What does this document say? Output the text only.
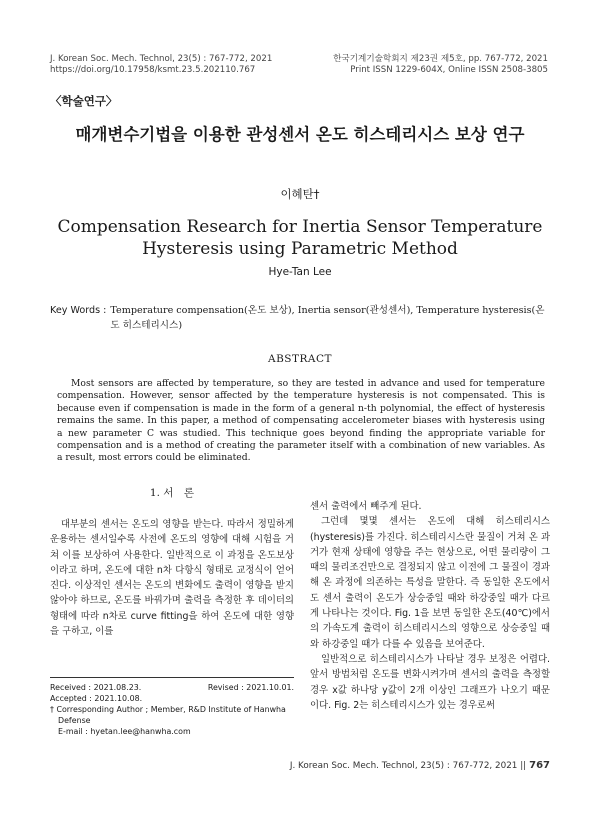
J. Korean Soc. Mech. Technol, 23(5) : 767-772, 2021
https://doi.org/10.17958/ksmt.23.5.202110.767
한국기계기술학회지 제23권 제5호, pp. 767-772, 2021
Print ISSN 1229-604X, Online ISSN 2508-3805
〈학술연구〉
매개변수기법을 이용한 관성센서 온도 히스테리시스 보상 연구
이혜탄†
Compensation Research for Inertia Sensor Temperature
Hysteresis using Parametric Method
Hye-Tan Lee
Key Words : Temperature compensation(온도 보상), Inertia sensor(관성센서), Temperature hysteresis(온도 히스테리시스)
ABSTRACT
Most sensors are affected by temperature, so they are tested in advance and used for temperature compensation. However, sensor affected by the temperature hysteresis is not compensated. This is because even if compensation is made in the form of a general n-th polynomial, the effect of hysteresis remains the same. In this paper, a method of compensating accelerometer biases with hysteresis using a new parameter C was studied. This technique goes beyond finding the appropriate variable for compensation and is a method of creating the parameter itself with a combination of new variables. As a result, most errors could be eliminated.
1. 서　론

대부분의 센서는 온도의 영향을 받는다. 따라서 정밀하게 운용하는 센서일수록 사전에 온도의 영향에 대해 시험을 거쳐 이를 보상하여 사용한다. 일반적으로 이 과정을 온도보상이라고 하며, 온도에 대한 n차 다항식 형태로 교정식이 얻어진다. 이상적인 센서는 온도의 변화에도 출력이 영향을 받지 않아야 하므로, 온도를 바꿔가며 출력을 측정한 후 데이터의 형태에 따라 n차로 curve fitting을 하여 온도에 대한 영향을 구하고, 이를

Received : 2021.08.23.	Revised : 2021.10.01.
Accepted : 2021.10.08.
† Corresponding Author ; Member, R&D Institute of Hanwha Defense
E-mail : hyetan.lee@hanwha.com
센서 출력에서 빼주게 된다.

그런데 몇몇 센서는 온도에 대해 히스테리시스(hysteresis)를 가진다. 히스테리시스란 물질이 거쳐 온 과거가 현재 상태에 영향을 주는 현상으로, 어떤 물리량이 그 때의 물리조건만으로 결정되지 않고 이전에 그 물질이 경과해 온 과정에 의존하는 특성을 말한다. 즉 동일한 온도에서도 센서 출력이 온도가 상승중일 때와 하강중일 때가 다르게 나타나는 것이다. Fig. 1을 보면 동일한 온도(40℃)에서의 가속도계 출력이 히스테리시스의 영향으로 상승중일 때와 하강중일 때가 다를 수 있음을 보여준다.

일반적으로 히스테리시스가 나타날 경우 보정은 어렵다. 앞서 방법처럼 온도를 변화시켜가며 센서의 출력을 측정할 경우 x값 하나당 y값이 2개 이상인 그래프가 나오기 때문이다. Fig. 2는 히스테리시스가 있는 경우로써

J. Korean Soc. Mech. Technol, 23(5) : 767-772, 2021 || 767
